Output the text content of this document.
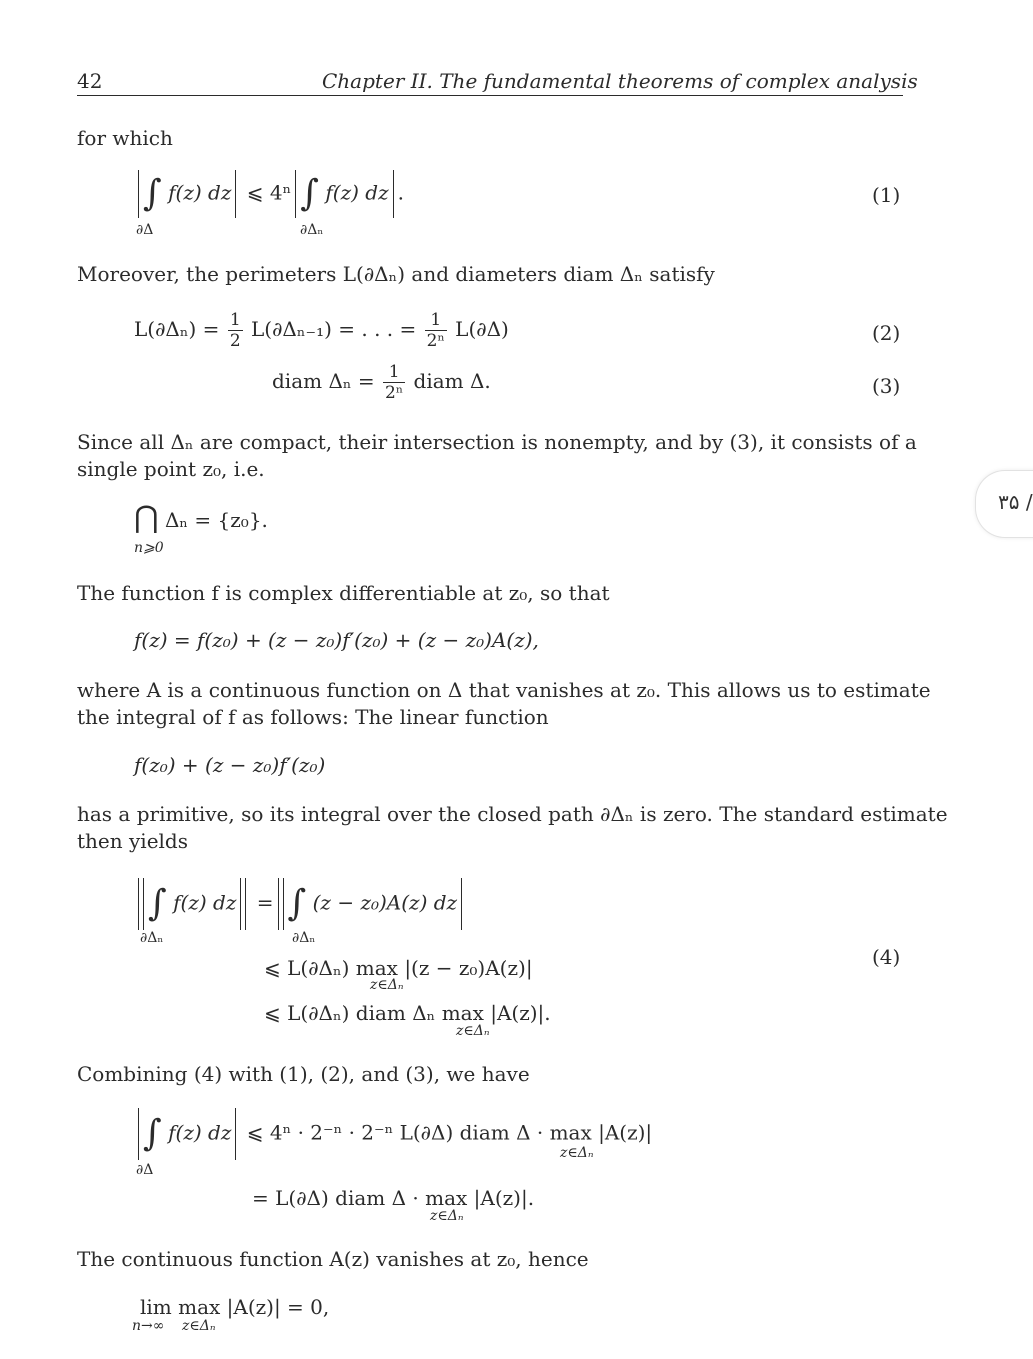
42	Chapter II. The fundamental theorems of complex analysis
۳۵ /
for which
∫ f(z) dz ⩽ 4ⁿ ∫ f(z) dz .
∂Δ	∂Δₙ
(1)
Moreover, the perimeters L(∂Δₙ) and diameters diam Δₙ satisfy
$L(\partial\Delta_n) = \frac{1}{2} L(\partial\Delta_{n-1})$ = . . . = $\frac{1}{\text{2ⁿ}} L(\partial\Delta)$	(2)
diam $\Delta_n = \frac{1}{\text{2ⁿ}}$ diam Δ.	(3)
Since all Δₙ are compact, their intersection is nonempty, and by (3), it consists of a
single point z₀, i.e.
⋂ Δₙ = {z₀}.
n⩾0
The function f is complex differentiable at z₀, so that
f(z) = f(z₀) + (z − z₀)f′(z₀) + (z − z₀)A(z),
where A is a continuous function on Δ that vanishes at z₀. This allows us to estimate
the integral of f as follows: The linear function
f(z₀) + (z − z₀)f′(z₀)
has a primitive, so its integral over the closed path ∂Δₙ is zero. The standard estimate
then yields
∫ f(z) dz = ∫ (z − z₀)A(z) dz
∂Δₙ	∂Δₙ
⩽ L(∂Δₙ) max |(z − z₀)A(z)|
z∈Δₙ
(4)
⩽ L(∂Δₙ) diam Δₙ max |A(z)|.
z∈Δₙ
Combining (4) with (1), (2), and (3), we have
∫ f(z) dz ⩽ 4ⁿ · 2⁻ⁿ · 2⁻ⁿ L(∂Δ) diam Δ · max |A(z)|
z∈Δₙ
∂Δ
= L(∂Δ) diam Δ · max |A(z)|.
z∈Δₙ
The continuous function A(z) vanishes at z₀, hence
lim max |A(z)| = 0,
n→∞ z∈Δₙ
